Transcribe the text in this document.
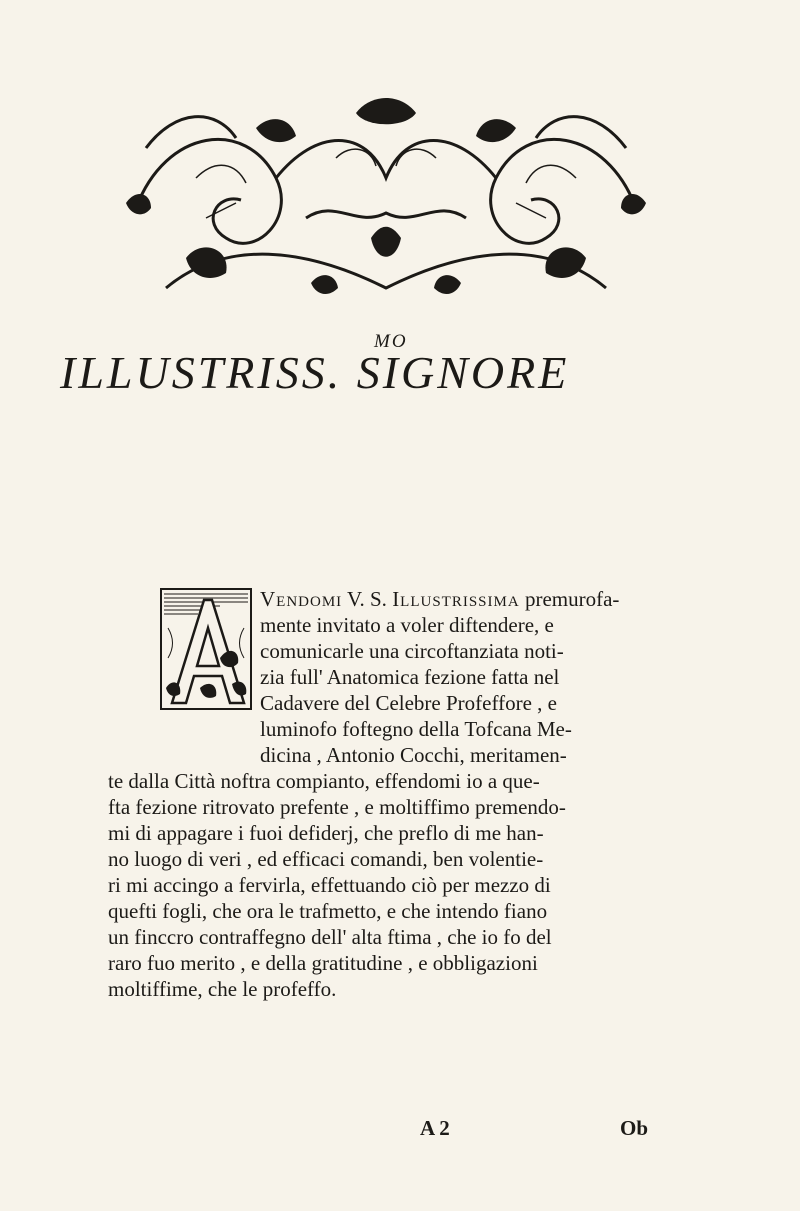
MO
ILLUSTRISS. SIGNORE
Vendomi V. S. Illustrissima premurofa-
mente invitato a voler diftendere, e
comunicarle una circoftanziata noti-
zia full' Anatomica fezione fatta nel
Cadavere del Celebre Profeffore , e
luminofo foftegno della Tofcana Me-
dicina , Antonio Cocchi, meritamen-
te dalla Città noftra compianto, effendomi io a que-
fta fezione ritrovato prefente , e moltiffimo premendo-
mi di appagare i fuoi defiderj, che preflo di me han-
no luogo di veri , ed efficaci comandi, ben volentie-
ri mi accingo a fervirla, effettuando ciò per mezzo di
quefti fogli, che ora le trafmetto, e che intendo fiano
un finccro contraffegno dell' alta ftima , che io fo del
raro fuo merito , e della gratitudine , e obbligazioni
moltiffime, che le profeffo.
A 2	Ob
